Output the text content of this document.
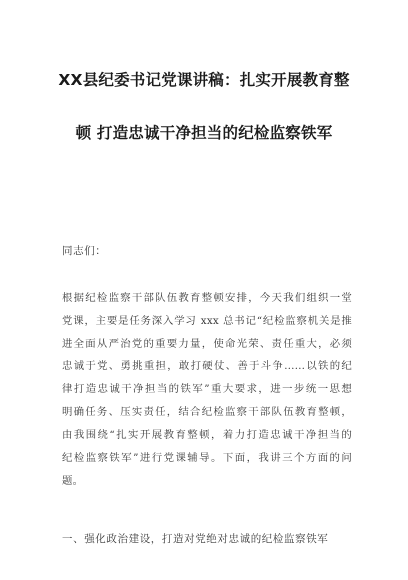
XX县纪委书记党课讲稿：扎实开展教育整
顿 打造忠诚干净担当的纪检监察铁军
同志们：
根据纪检监察干部队伍教育整顿安排，今天我们组织一堂
党课，主要是任务深入学习 xxx 总书记“纪检监察机关是推
进全面从严治党的重要力量，使命光荣、责任重大，必须
忠诚于党、勇挑重担，敢打硬仗、善于斗争……以铁的纪
律打造忠诚干净担当的铁军”重大要求，进一步统一思想
明确任务、压实责任，结合纪检监察干部队伍教育整顿，
由我围绕“扎实开展教育整顿，着力打造忠诚干净担当的
纪检监察铁军”进行党课辅导。下面，我讲三个方面的问
题。
一、强化政治建设，打造对党绝对忠诚的纪检监察铁军
